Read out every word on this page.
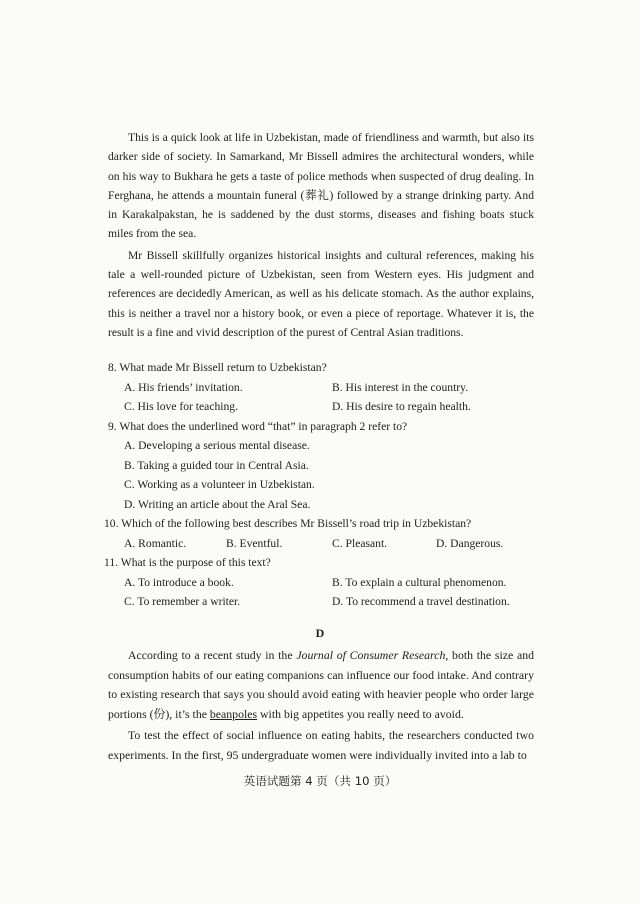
This is a quick look at life in Uzbekistan, made of friendliness and warmth, but also its darker side of society. In Samarkand, Mr Bissell admires the architectural wonders, while on his way to Bukhara he gets a taste of police methods when suspected of drug dealing. In Ferghana, he attends a mountain funeral (葬礼) followed by a strange drinking party. And in Karakalpakstan, he is saddened by the dust storms, diseases and fishing boats stuck miles from the sea.

Mr Bissell skillfully organizes historical insights and cultural references, making his tale a well-rounded picture of Uzbekistan, seen from Western eyes. His judgment and references are decidedly American, as well as his delicate stomach. As the author explains, this is neither a travel nor a history book, or even a piece of reportage. Whatever it is, the result is a fine and vivid description of the purest of Central Asian traditions.

8. What made Mr Bissell return to Uzbekistan?
A. His friends’ invitation.	B. His interest in the country.
C. His love for teaching.	D. His desire to regain health.
9. What does the underlined word “that” in paragraph 2 refer to?
A. Developing a serious mental disease.
B. Taking a guided tour in Central Asia.
C. Working as a volunteer in Uzbekistan.
D. Writing an article about the Aral Sea.
10. Which of the following best describes Mr Bissell’s road trip in Uzbekistan?
A. Romantic.	B. Eventful.	C. Pleasant.	D. Dangerous.
11. What is the purpose of this text?
A. To introduce a book.	B. To explain a cultural phenomenon.
C. To remember a writer.	D. To recommend a travel destination.
D

According to a recent study in the Journal of Consumer Research, both the size and consumption habits of our eating companions can influence our food intake. And contrary to existing research that says you should avoid eating with heavier people who order large portions (份), it’s the beanpoles with big appetites you really need to avoid.

To test the effect of social influence on eating habits, the researchers conducted two experiments. In the first, 95 undergraduate women were individually invited into a lab to

英语试题第 4 页（共 10 页）
